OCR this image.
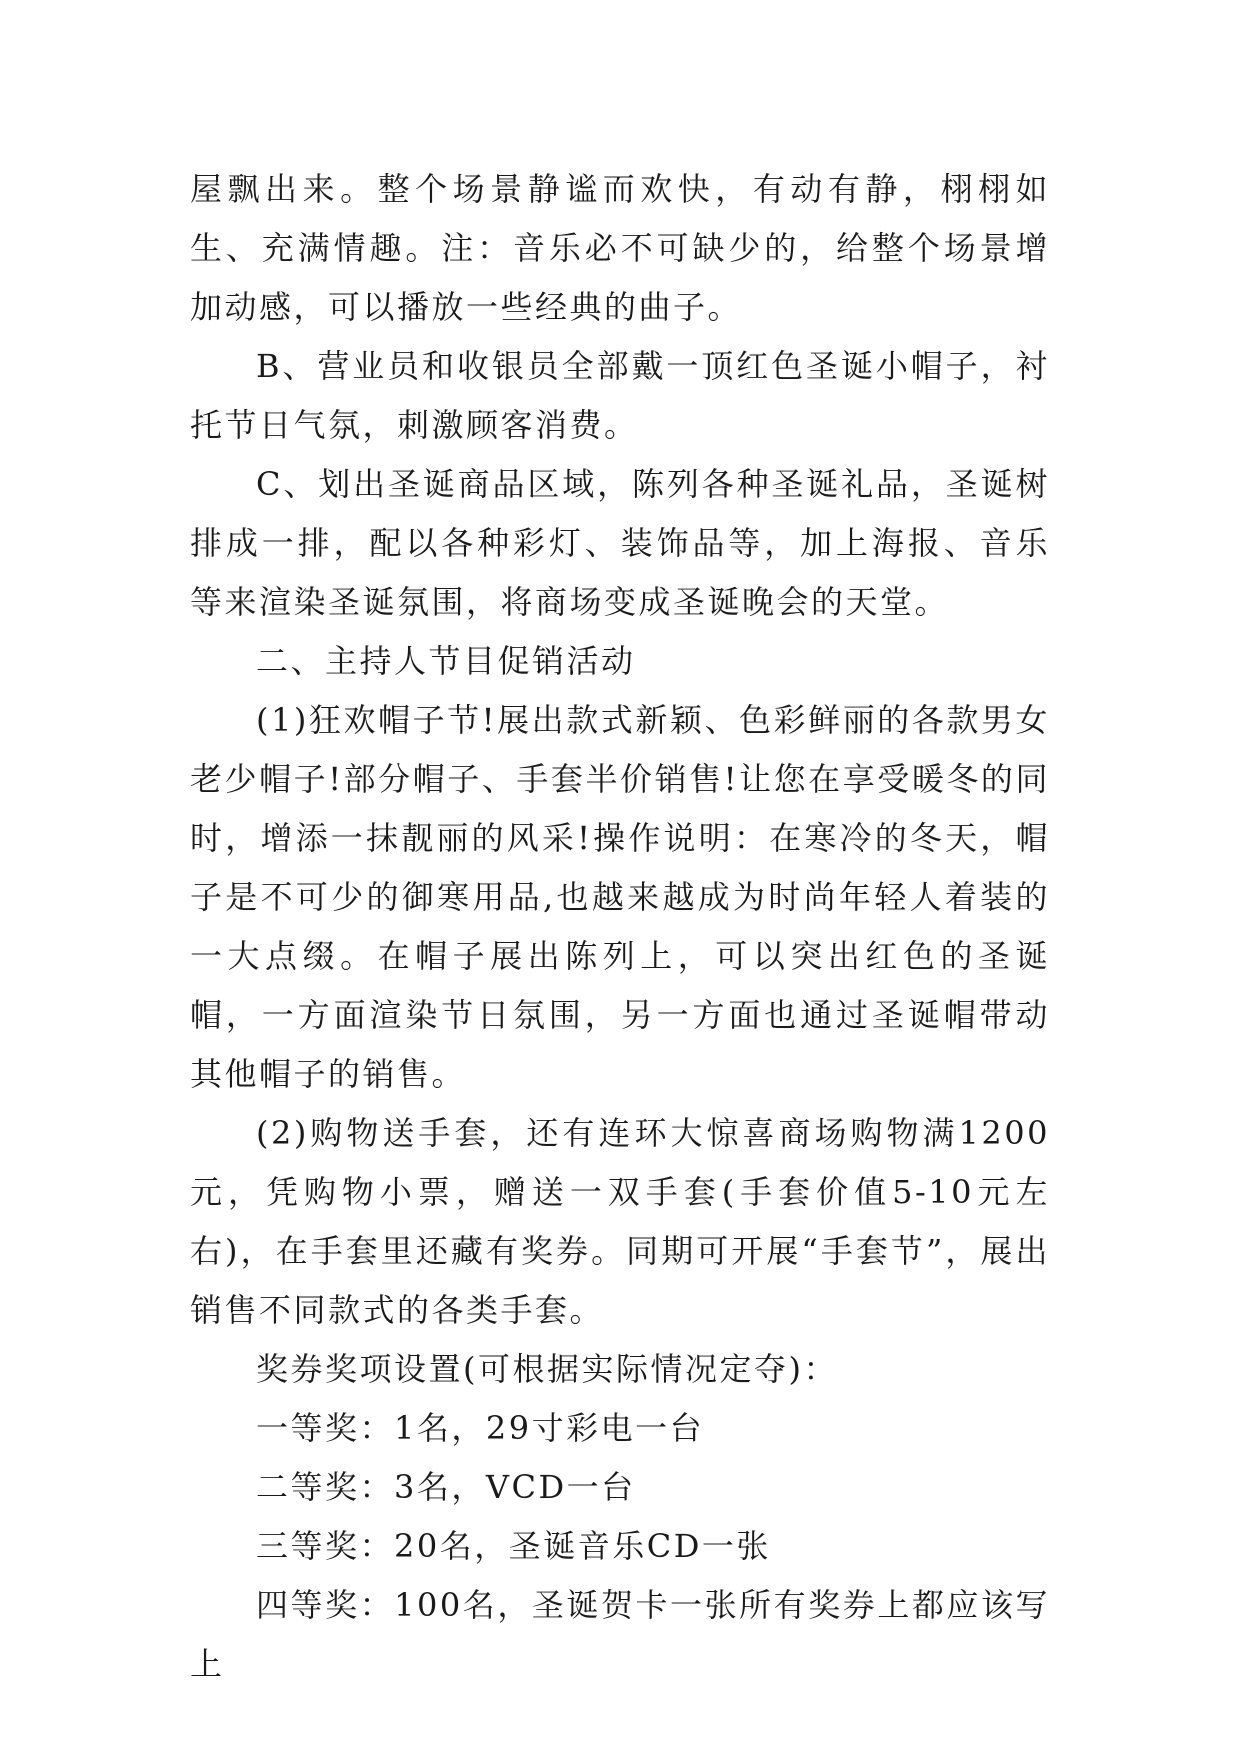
屋飘出来。整个场景静谧而欢快，有动有静，栩栩如生、充满情趣。注：音乐必不可缺少的，给整个场景增加动感，可以播放一些经典的曲子。

B、营业员和收银员全部戴一顶红色圣诞小帽子，衬托节日气氛，刺激顾客消费。

C、划出圣诞商品区域，陈列各种圣诞礼品，圣诞树排成一排，配以各种彩灯、装饰品等，加上海报、音乐等来渲染圣诞氛围，将商场变成圣诞晚会的天堂。

二、主持人节目促销活动

(1)狂欢帽子节!展出款式新颖、色彩鲜丽的各款男女老少帽子!部分帽子、手套半价销售!让您在享受暖冬的同时，增添一抹靓丽的风采!操作说明：在寒冷的冬天，帽子是不可少的御寒用品,也越来越成为时尚年轻人着装的一大点缀。在帽子展出陈列上，可以突出红色的圣诞帽，一方面渲染节日氛围，另一方面也通过圣诞帽带动其他帽子的销售。

(2)购物送手套，还有连环大惊喜商场购物满1200元，凭购物小票，赠送一双手套(手套价值5-10元左右)，在手套里还藏有奖券。同期可开展“手套节”，展出销售不同款式的各类手套。

奖券奖项设置(可根据实际情况定夺)：

一等奖：1名，29寸彩电一台

二等奖：3名，VCD一台

三等奖：20名，圣诞音乐CD一张

四等奖：100名，圣诞贺卡一张所有奖券上都应该写上
